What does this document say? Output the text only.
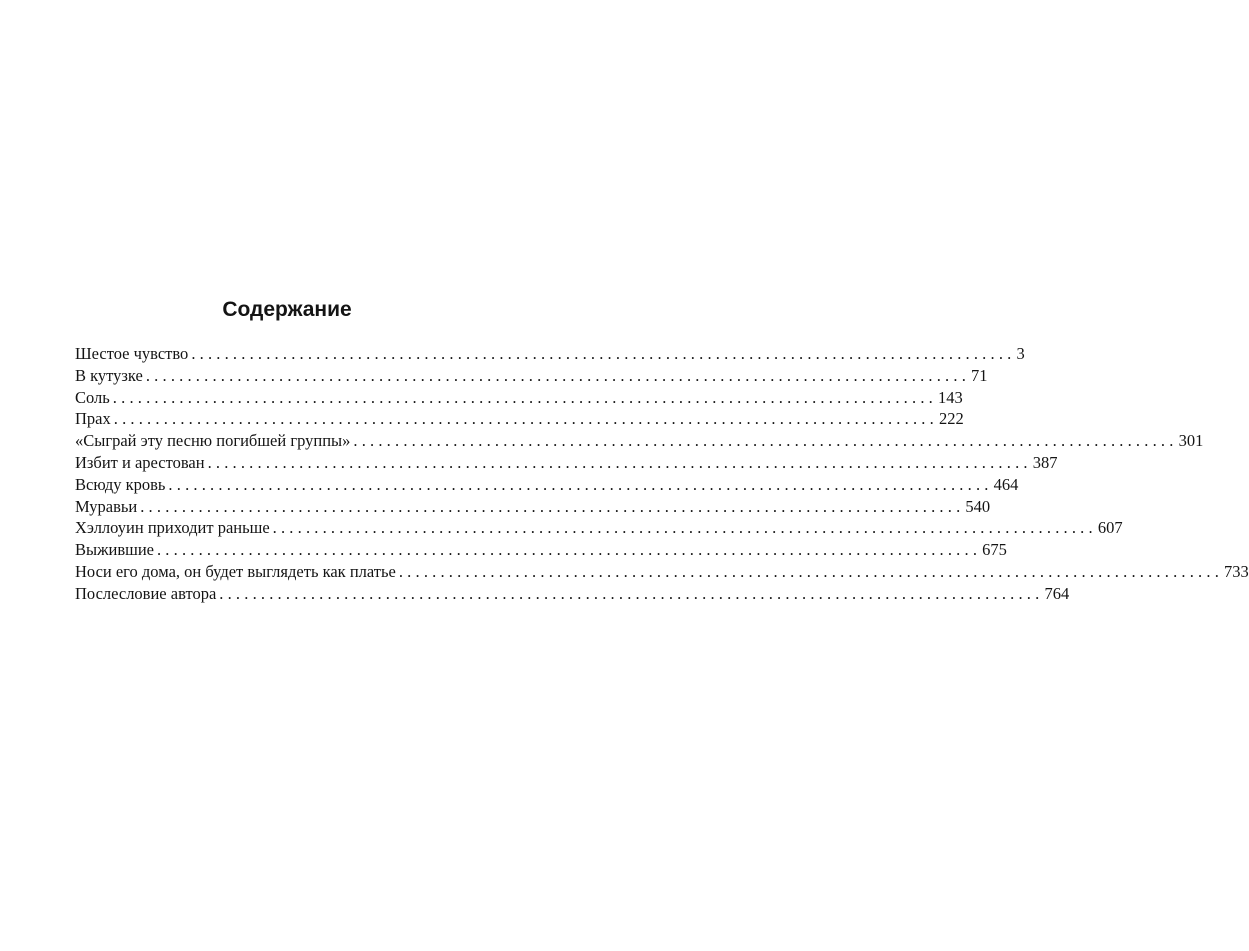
Содержание
Шестое чувство ................................................................................................... 3
В кутузке ................................................................................................... 71
Соль ................................................................................................... 143
Прах ................................................................................................... 222
«Сыграй эту песню погибшей группы» ................................................................................................... 301
Избит и арестован ................................................................................................... 387
Всюду кровь ................................................................................................... 464
Муравьи ................................................................................................... 540
Хэллоуин приходит раньше ................................................................................................... 607
Выжившие ................................................................................................... 675
Носи его дома, он будет выглядеть как платье ................................................................................................... 733
Послесловие автора ................................................................................................... 764
